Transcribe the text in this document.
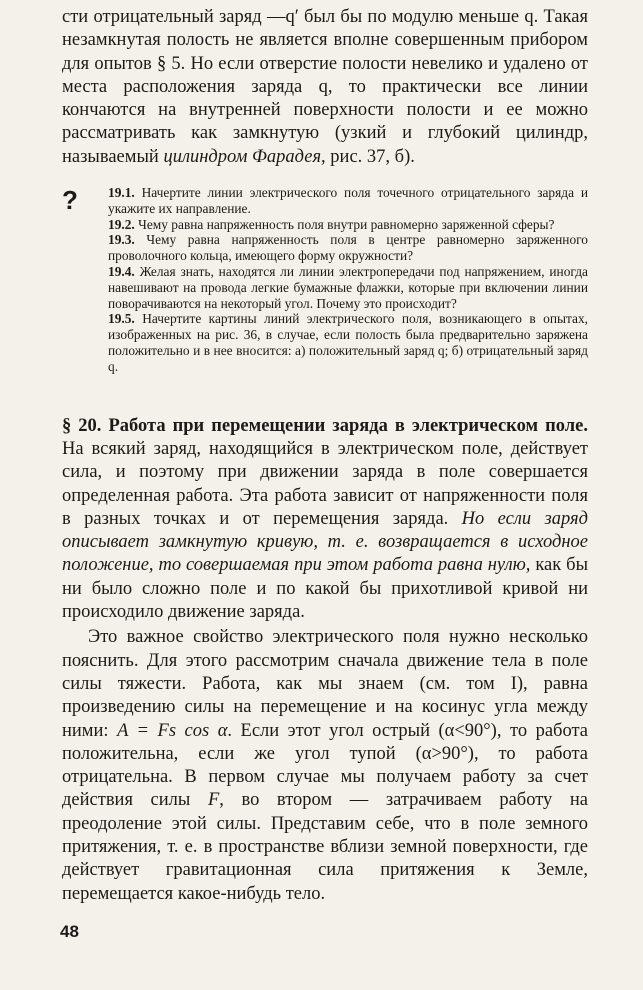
сти отрицательный заряд —q′ был бы по модулю меньше q. Такая незамкнутая полость не является вполне совершенным прибором для опытов § 5. Но если отверстие полости невелико и удалено от места расположения заряда q, то практически все линии кончаются на внутренней поверхности полости и ее можно рассматривать как замкнутую (узкий и глубокий цилиндр, называемый цилиндром Фарадея, рис. 37, б).

? 19.1. Начертите линии электрического поля точечного отрицательного заряда и укажите их направление.

19.2. Чему равна напряженность поля внутри равномерно заряженной сферы?

19.3. Чему равна напряженность поля в центре равномерно заряженного проволочного кольца, имеющего форму окружности?

19.4. Желая знать, находятся ли линии электропередачи под напряжением, иногда навешивают на провода легкие бумажные флажки, которые при включении линии поворачиваются на некоторый угол. Почему это происходит?

19.5. Начертите картины линий электрического поля, возникающего в опытах, изображенных на рис. 36, в случае, если полость была предварительно заряжена положительно и в нее вносится: а) положительный заряд q; б) отрицательный заряд q.

§ 20. Работа при перемещении заряда в электрическом поле. На всякий заряд, находящийся в электрическом поле, действует сила, и поэтому при движении заряда в поле совершается определенная работа. Эта работа зависит от напряженности поля в разных точках и от перемещения заряда. Но если заряд описывает замкнутую кривую, т. е. возвращается в исходное положение, то совершаемая при этом работа равна нулю, как бы ни было сложно поле и по какой бы прихотливой кривой ни происходило движение заряда.

Это важное свойство электрического поля нужно несколько пояснить. Для этого рассмотрим сначала движение тела в поле силы тяжести. Работа, как мы знаем (см. том I), равна произведению силы на перемещение и на косинус угла между ними: A = Fs cos α. Если этот угол острый (α<90°), то работа положительна, если же угол тупой (α>90°), то работа отрицательна. В первом случае мы получаем работу за счет действия силы F, во втором — затрачиваем работу на преодоление этой силы. Представим себе, что в поле земного притяжения, т. е. в пространстве вблизи земной поверхности, где действует гравитационная сила притяжения к Земле, перемещается какое-нибудь тело.

48
